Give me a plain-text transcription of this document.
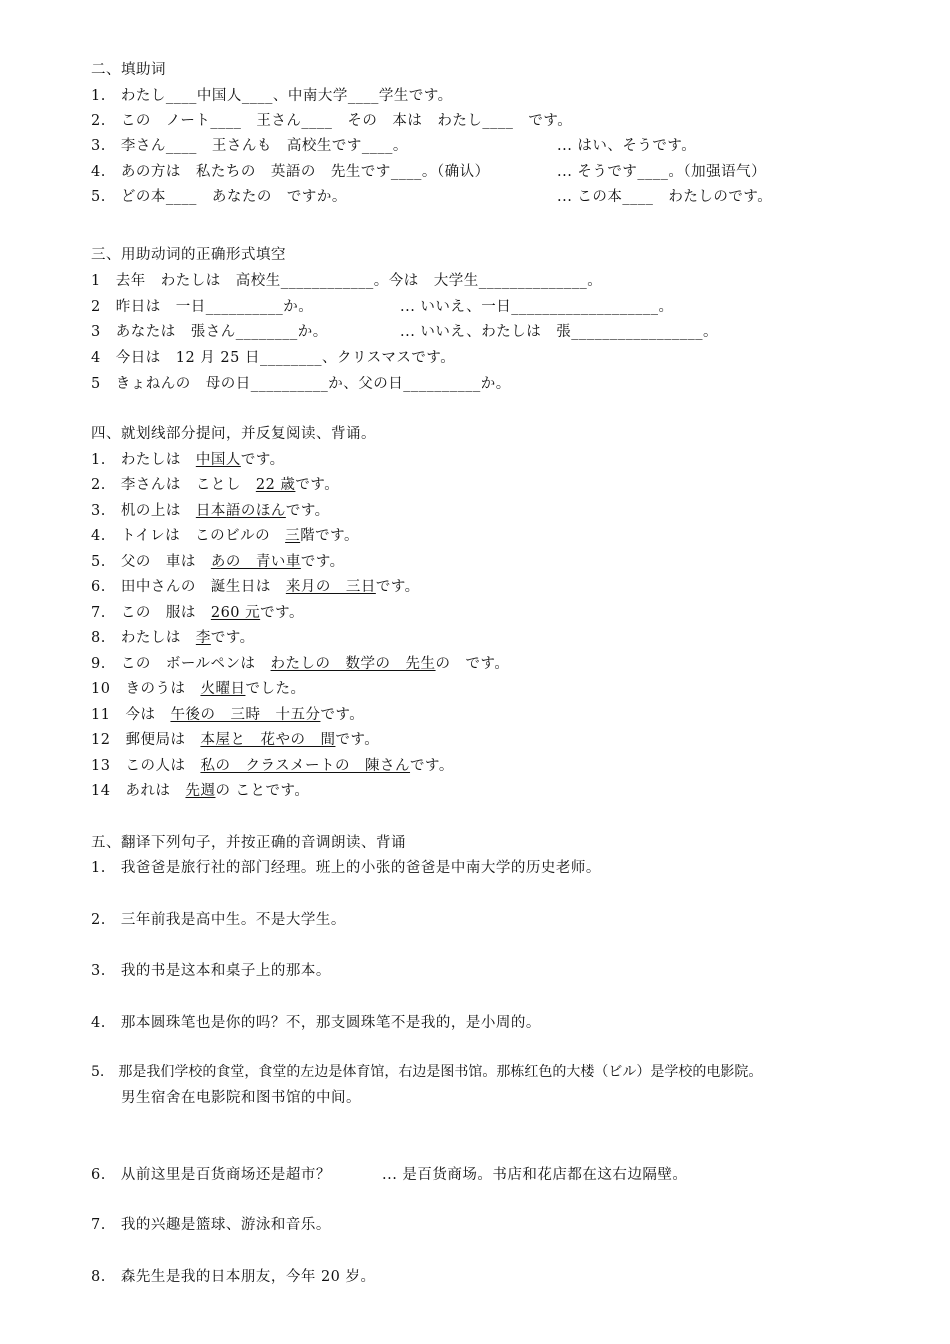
二、填助词
1.　わたし____中国人____、中南大学____学生です。
2.　この　ノート____　王さん____　その　本は　わたし____　です。
3.　李さん____　王さんも　高校生です____。	... はい、そうです。
4.　あの方は　私たちの　英語の　先生です____。（确认）	... そうです____。（加强语气）
5.　どの本____　あなたの　ですか。	... この本____　わたしのです。
三、用助动词的正确形式填空
1　去年　わたしは　高校生____________。今は　大学生______________。
2　昨日は　一日__________か。	... いいえ、一日___________________。
3　あなたは　張さん________か。	... いいえ、わたしは　張_________________。
4　今日は　12 月 25 日________、クリスマスです。
5　きょねんの　母の日__________か、父の日__________か。
四、就划线部分提问，并反复阅读、背诵。
1.　わたしは　中国人です。
2.　李さんは　ことし　22 歳です。
3.　机の上は　日本語のほんです。
4.　トイレは　このビルの　三階です。
5.　父の　車は　あの　青い車です。
6.　田中さんの　誕生日は　来月の　三日です。
7.　この　服は　260 元です。
8.　わたしは　李です。
9.　この　ボールペンは　わたしの　数学の　先生の　です。
10　きのうは　火曜日でした。
11　今は　午後の　三時　十五分です。
12　郵便局は　本屋と　花やの　間です。
13　この人は　私の　クラスメートの　陳さんです。
14　あれは　先週の ことです。
五、翻译下列句子，并按正确的音调朗读、背诵
1.　我爸爸是旅行社的部门经理。班上的小张的爸爸是中南大学的历史老师。
2.　三年前我是高中生。不是大学生。
3.　我的书是这本和桌子上的那本。
4.　那本圆珠笔也是你的吗？不，那支圆珠笔不是我的，是小周的。
5.　那是我们学校的食堂，食堂的左边是体育馆，右边是图书馆。那栋红色的大楼（ビル）是学校的电影院。
男生宿舍在电影院和图书馆的中间。
6.　从前这里是百货商场还是超市？	... 是百货商场。书店和花店都在这右边隔壁。
7.　我的兴趣是篮球、游泳和音乐。
8.　森先生是我的日本朋友，今年 20 岁。
